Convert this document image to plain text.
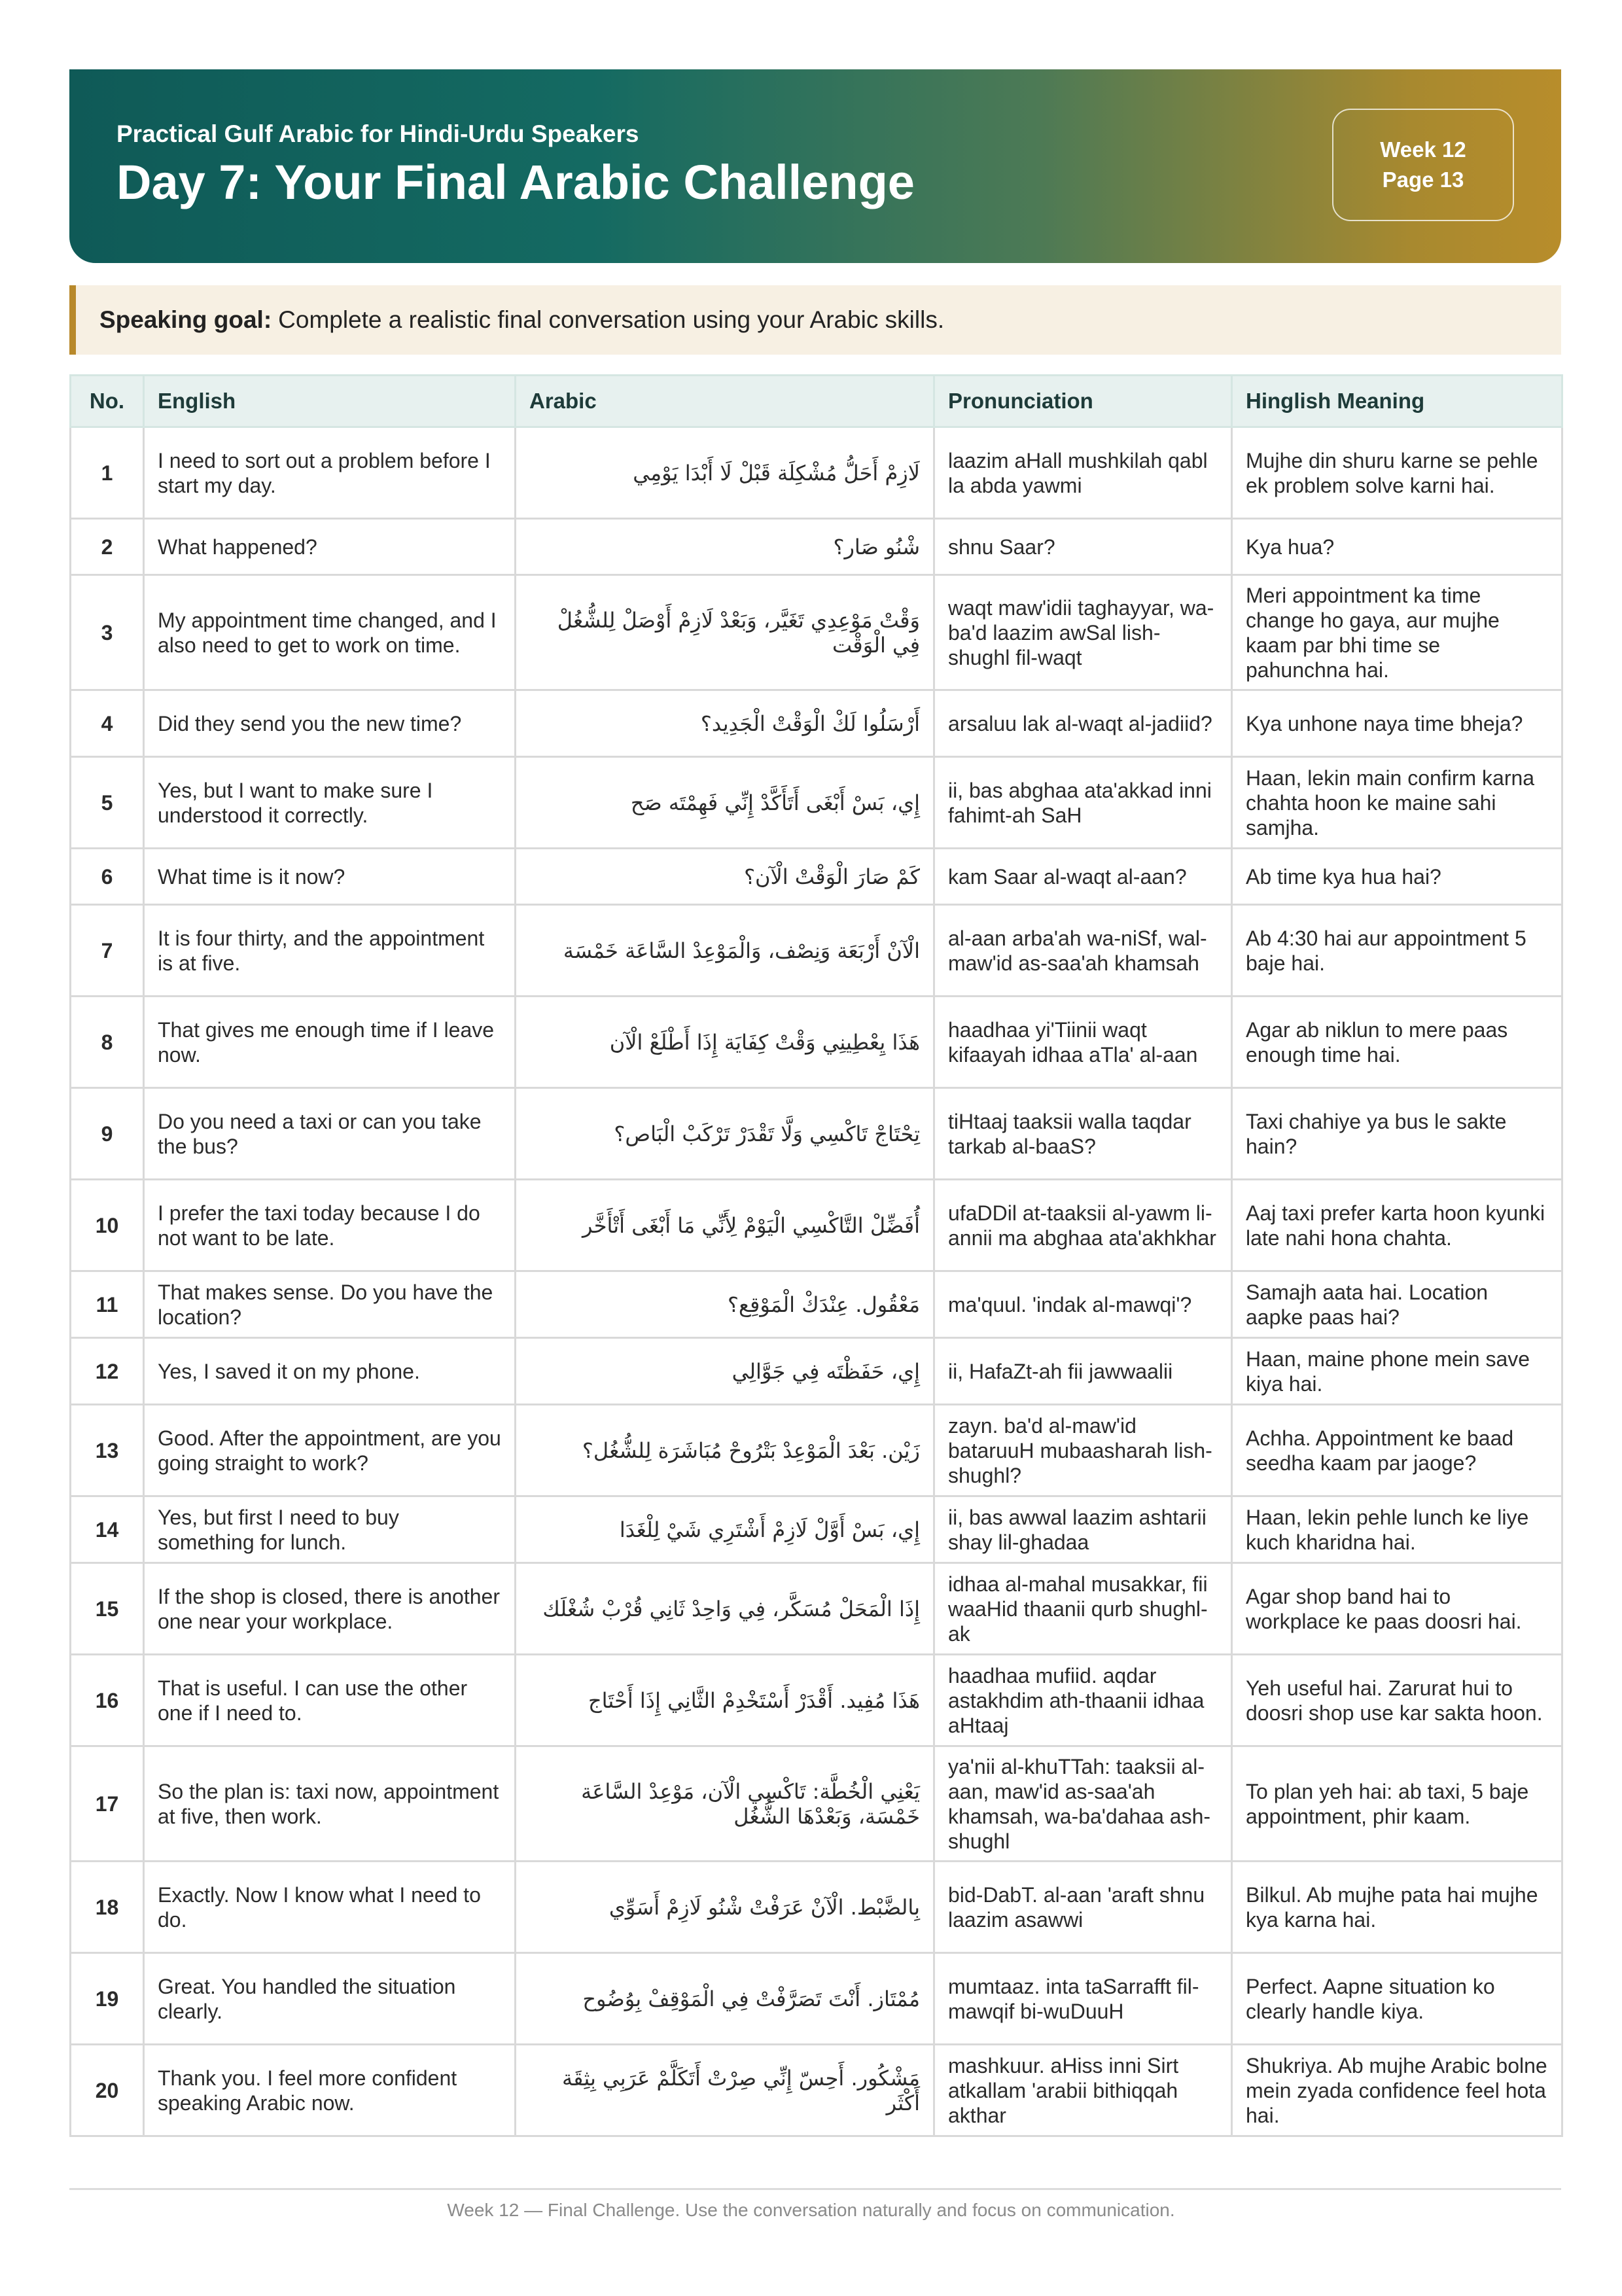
Practical Gulf Arabic for Hindi-Urdu Speakers
Day 7: Your Final Arabic Challenge
Week 12
Page 13
Speaking goal: Complete a realistic final conversation using your Arabic skills.
No.	English	Arabic	Pronunciation	Hinglish Meaning
1	I need to sort out a problem before I start my day.	لَازِمْ أَحَلُّ مُشْكِلَة قَبْلْ لَا أَبْدَا يَوْمِي	laazim aHall mushkilah qabl la abda yawmi	Mujhe din shuru karne se pehle ek problem solve karni hai.
2	What happened?	شْنُو صَار؟	shnu Saar?	Kya hua?
3	My appointment time changed, and I also need to get to work on time.	وَقْتْ مَوْعِدِي تَغَيَّر، وَبَعْدْ لَازِمْ أَوْصَلْ لِلشُّغُلْ فِي الْوَقْت	waqt maw'idii taghayyar, wa-ba'd laazim awSal lish-shughl fil-waqt	Meri appointment ka time change ho gaya, aur mujhe kaam par bhi time se pahunchna hai.
4	Did they send you the new time?	أَرْسَلُوا لَكْ الْوَقْتْ الْجَدِيد؟	arsaluu lak al-waqt al-jadiid?	Kya unhone naya time bheja?
5	Yes, but I want to make sure I understood it correctly.	إِي، بَسْ أَبْغَى أَتَأَكَّدْ إِنِّي فَهِمْتَه صَح	ii, bas abghaa ata'akkad inni fahimt-ah SaH	Haan, lekin main confirm karna chahta hoon ke maine sahi samjha.
6	What time is it now?	كَمْ صَارَ الْوَقْتْ الْآن؟	kam Saar al-waqt al-aan?	Ab time kya hua hai?
7	It is four thirty, and the appointment is at five.	الْآنْ أَرْبَعَة وَنِصْف، وَالْمَوْعِدْ السَّاعَة خَمْسَة	al-aan arba'ah wa-niSf, wal-maw'id as-saa'ah khamsah	Ab 4:30 hai aur appointment 5 baje hai.
8	That gives me enough time if I leave now.	هَذَا يِعْطِينِي وَقْتْ كِفَايَة إِذَا أَطْلَعْ الْآن	haadhaa yi'Tiinii waqt kifaayah idhaa aTla' al-aan	Agar ab niklun to mere paas enough time hai.
9	Do you need a taxi or can you take the bus?	تِحْتَاجْ تَاكْسِي وَلَّا تَقْدَرْ تَرْكَبْ الْبَاص؟	tiHtaaj taaksii walla taqdar tarkab al-baaS?	Taxi chahiye ya bus le sakte hain?
10	I prefer the taxi today because I do not want to be late.	أُفَضِّلْ التَّاكْسِي الْيَوْمْ لِأَنِّي مَا أَبْغَى أَتْأَخَّر	ufaDDil at-taaksii al-yawm li-annii ma abghaa ata'akhkhar	Aaj taxi prefer karta hoon kyunki late nahi hona chahta.
11	That makes sense. Do you have the location?	مَعْقُول. عِنْدَكْ الْمَوْقِع؟	ma'quul. 'indak al-mawqi'?	Samajh aata hai. Location aapke paas hai?
12	Yes, I saved it on my phone.	إِي، حَفَظْتَه فِي جَوَّالِي	ii, HafaZt-ah fii jawwaalii	Haan, maine phone mein save kiya hai.
13	Good. After the appointment, are you going straight to work?	زَيْن. بَعْدَ الْمَوْعِدْ بَتْرُوحْ مُبَاشَرَة لِلشُّغُل؟	zayn. ba'd al-maw'id bataruuH mubaasharah lish-shughl?	Achha. Appointment ke baad seedha kaam par jaoge?
14	Yes, but first I need to buy something for lunch.	إِي، بَسْ أَوَّلْ لَازِمْ أَشْتَرِي شَيْ لِلْغَدَا	ii, bas awwal laazim ashtarii shay lil-ghadaa	Haan, lekin pehle lunch ke liye kuch kharidna hai.
15	If the shop is closed, there is another one near your workplace.	إِذَا الْمَحَلْ مُسَكَّر، فِي وَاحِدْ ثَانِي قُرْبْ شُغْلَك	idhaa al-mahal musakkar, fii waaHid thaanii qurb shughl-ak	Agar shop band hai to workplace ke paas doosri hai.
16	That is useful. I can use the other one if I need to.	هَذَا مُفِيد. أَقْدَرْ أَسْتَخْدِمْ الثَّانِي إِذَا أَحْتَاج	haadhaa mufiid. aqdar astakhdim ath-thaanii idhaa aHtaaj	Yeh useful hai. Zarurat hui to doosri shop use kar sakta hoon.
17	So the plan is: taxi now, appointment at five, then work.	يَعْنِي الْخُطَّة: تَاكْسِي الْآن، مَوْعِدْ السَّاعَة خَمْسَة، وَبَعْدْهَا الشُّغُل	ya'nii al-khuTTah: taaksii al-aan, maw'id as-saa'ah khamsah, wa-ba'dahaa ash-shughl	To plan yeh hai: ab taxi, 5 baje appointment, phir kaam.
18	Exactly. Now I know what I need to do.	بِالضَّبْط. الْآنْ عَرَفْتْ شْنُو لَازِمْ أَسَوِّي	bid-DabT. al-aan 'araft shnu laazim asawwi	Bilkul. Ab mujhe pata hai mujhe kya karna hai.
19	Great. You handled the situation clearly.	مُمْتَاز. أَنْتَ تَصَرَّفْتْ فِي الْمَوْقِفْ بِوُضُوح	mumtaaz. inta taSarrafft fil-mawqif bi-wuDuuH	Perfect. Aapne situation ko clearly handle kiya.
20	Thank you. I feel more confident speaking Arabic now.	مَشْكُور. أَحِسّ إِنِّي صِرْتْ أَتَكَلَّمْ عَرَبِي بِثِقَة أَكْثَر	mashkuur. aHiss inni Sirt atkallam 'arabii bithiqqah akthar	Shukriya. Ab mujhe Arabic bolne mein zyada confidence feel hota hai.
Week 12 — Final Challenge. Use the conversation naturally and focus on communication.
